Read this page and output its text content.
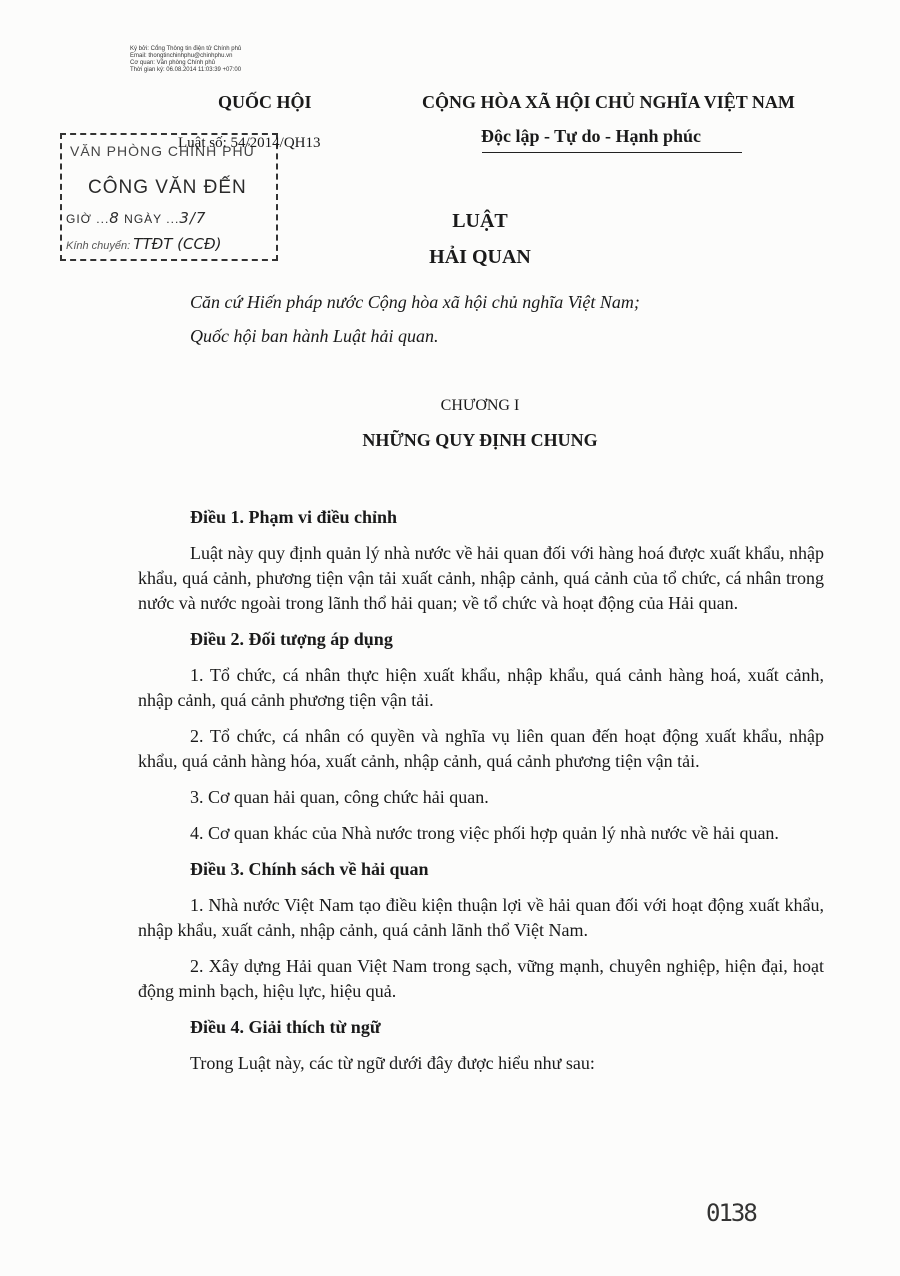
Ký bởi: Cổng Thông tin điện tử Chính phủ
Email: thongtinchinhphu@chinhphu.vn
Cơ quan: Văn phòng Chính phủ
Thời gian ký: 06.08.2014 11:03:39 +07:00
QUỐC HỘI	CỘNG HÒA XÃ HỘI CHỦ NGHĨA VIỆT NAM
Độc lập - Tự do - Hạnh phúc
VĂN PHÒNG CHÍNH PHỦ
CÔNG VĂN ĐẾN
GIỜ ...8 NGÀY ...3/7
Kính chuyển: TTĐT (CCĐ)
Luật số: 54/2014/QH13
LUẬT
HẢI QUAN
Căn cứ Hiến pháp nước Cộng hòa xã hội chủ nghĩa Việt Nam;
Quốc hội ban hành Luật hải quan.
CHƯƠNG I
NHỮNG QUY ĐỊNH CHUNG
Điều 1. Phạm vi điều chỉnh
Luật này quy định quản lý nhà nước về hải quan đối với hàng hoá được xuất khẩu, nhập khẩu, quá cảnh, phương tiện vận tải xuất cảnh, nhập cảnh, quá cảnh của tổ chức, cá nhân trong nước và nước ngoài trong lãnh thổ hải quan; về tổ chức và hoạt động của Hải quan.
Điều 2. Đối tượng áp dụng
1. Tổ chức, cá nhân thực hiện xuất khẩu, nhập khẩu, quá cảnh hàng hoá, xuất cảnh, nhập cảnh, quá cảnh phương tiện vận tải.
2. Tổ chức, cá nhân có quyền và nghĩa vụ liên quan đến hoạt động xuất khẩu, nhập khẩu, quá cảnh hàng hóa, xuất cảnh, nhập cảnh, quá cảnh phương tiện vận tải.
3. Cơ quan hải quan, công chức hải quan.
4. Cơ quan khác của Nhà nước trong việc phối hợp quản lý nhà nước về hải quan.
Điều 3. Chính sách về hải quan
1. Nhà nước Việt Nam tạo điều kiện thuận lợi về hải quan đối với hoạt động xuất khẩu, nhập khẩu, xuất cảnh, nhập cảnh, quá cảnh lãnh thổ Việt Nam.
2. Xây dựng Hải quan Việt Nam trong sạch, vững mạnh, chuyên nghiệp, hiện đại, hoạt động minh bạch, hiệu lực, hiệu quả.
Điều 4. Giải thích từ ngữ
Trong Luật này, các từ ngữ dưới đây được hiểu như sau:
0138
